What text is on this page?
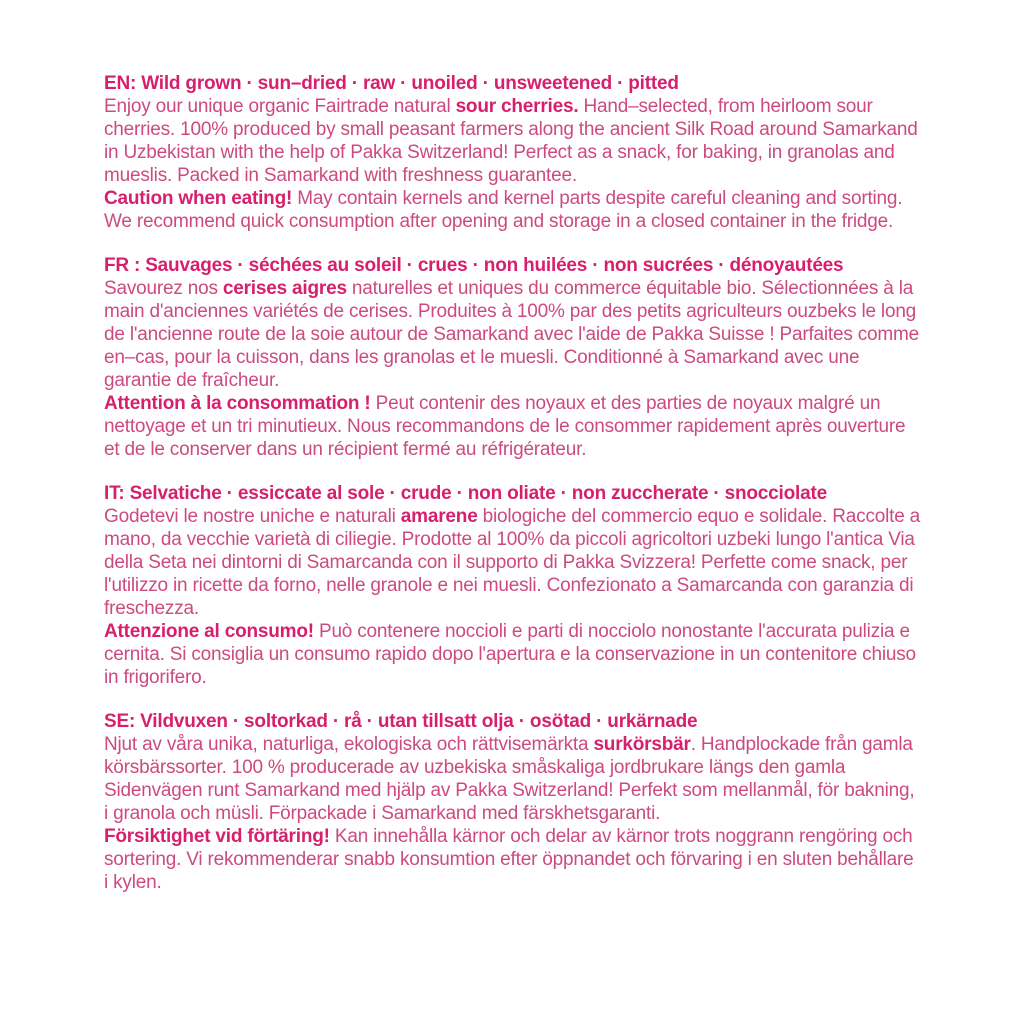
EN: Wild grown · sun–dried · raw · unoiled · unsweetened · pitted

Enjoy our unique organic Fairtrade natural sour cherries. Hand–selected, from heirloom sour cherries. 100% produced by small peasant farmers along the ancient Silk Road around Samarkand in Uzbekistan with the help of Pakka Switzerland! Perfect as a snack, for baking, in granolas and mueslis. Packed in Samarkand with freshness guarantee.

Caution when eating! May contain kernels and kernel parts despite careful cleaning and sorting. We recommend quick consumption after opening and storage in a closed container in the fridge.

FR : Sauvages · séchées au soleil · crues · non huilées · non sucrées · dénoyautées

Savourez nos cerises aigres naturelles et uniques du commerce équitable bio. Sélectionnées à la main d'anciennes variétés de cerises. Produites à 100% par des petits agriculteurs ouzbeks le long de l'ancienne route de la soie autour de Samarkand avec l'aide de Pakka Suisse ! Parfaites comme en–cas, pour la cuisson, dans les granolas et le muesli. Conditionné à Samarkand avec une garantie de fraîcheur.

Attention à la consommation ! Peut contenir des noyaux et des parties de noyaux malgré un nettoyage et un tri minutieux. Nous recommandons de le consommer rapidement après ouverture et de le conserver dans un récipient fermé au réfrigérateur.

IT: Selvatiche · essiccate al sole · crude · non oliate · non zuccherate · snocciolate

Godetevi le nostre uniche e naturali amarene biologiche del commercio equo e solidale. Raccolte a mano, da vecchie varietà di ciliegie. Prodotte al 100% da piccoli agricoltori uzbeki lungo l'antica Via della Seta nei dintorni di Samarcanda con il supporto di Pakka Svizzera! Perfette come snack, per l'utilizzo in ricette da forno, nelle granole e nei muesli. Confezionato a Samarcanda con garanzia di freschezza.

Attenzione al consumo! Può contenere noccioli e parti di nocciolo nonostante l'accurata pulizia e cernita. Si consiglia un consumo rapido dopo l'apertura e la conservazione in un contenitore chiuso in frigorifero.

SE: Vildvuxen · soltorkad · rå · utan tillsatt olja · osötad · urkärnade

Njut av våra unika, naturliga, ekologiska och rättvisemärkta surkörsbär. Handplockade från gamla körsbärssorter. 100 % producerade av uzbekiska småskaliga jordbrukare längs den gamla Sidenvägen runt Samarkand med hjälp av Pakka Switzerland! Perfekt som mellanmål, för bakning, i granola och müsli. Förpackade i Samarkand med färskhetsgaranti.

Försiktighet vid förtäring! Kan innehålla kärnor och delar av kärnor trots noggrann rengöring och sortering. Vi rekommenderar snabb konsumtion efter öppnandet och förvaring i en sluten behållare i kylen.
